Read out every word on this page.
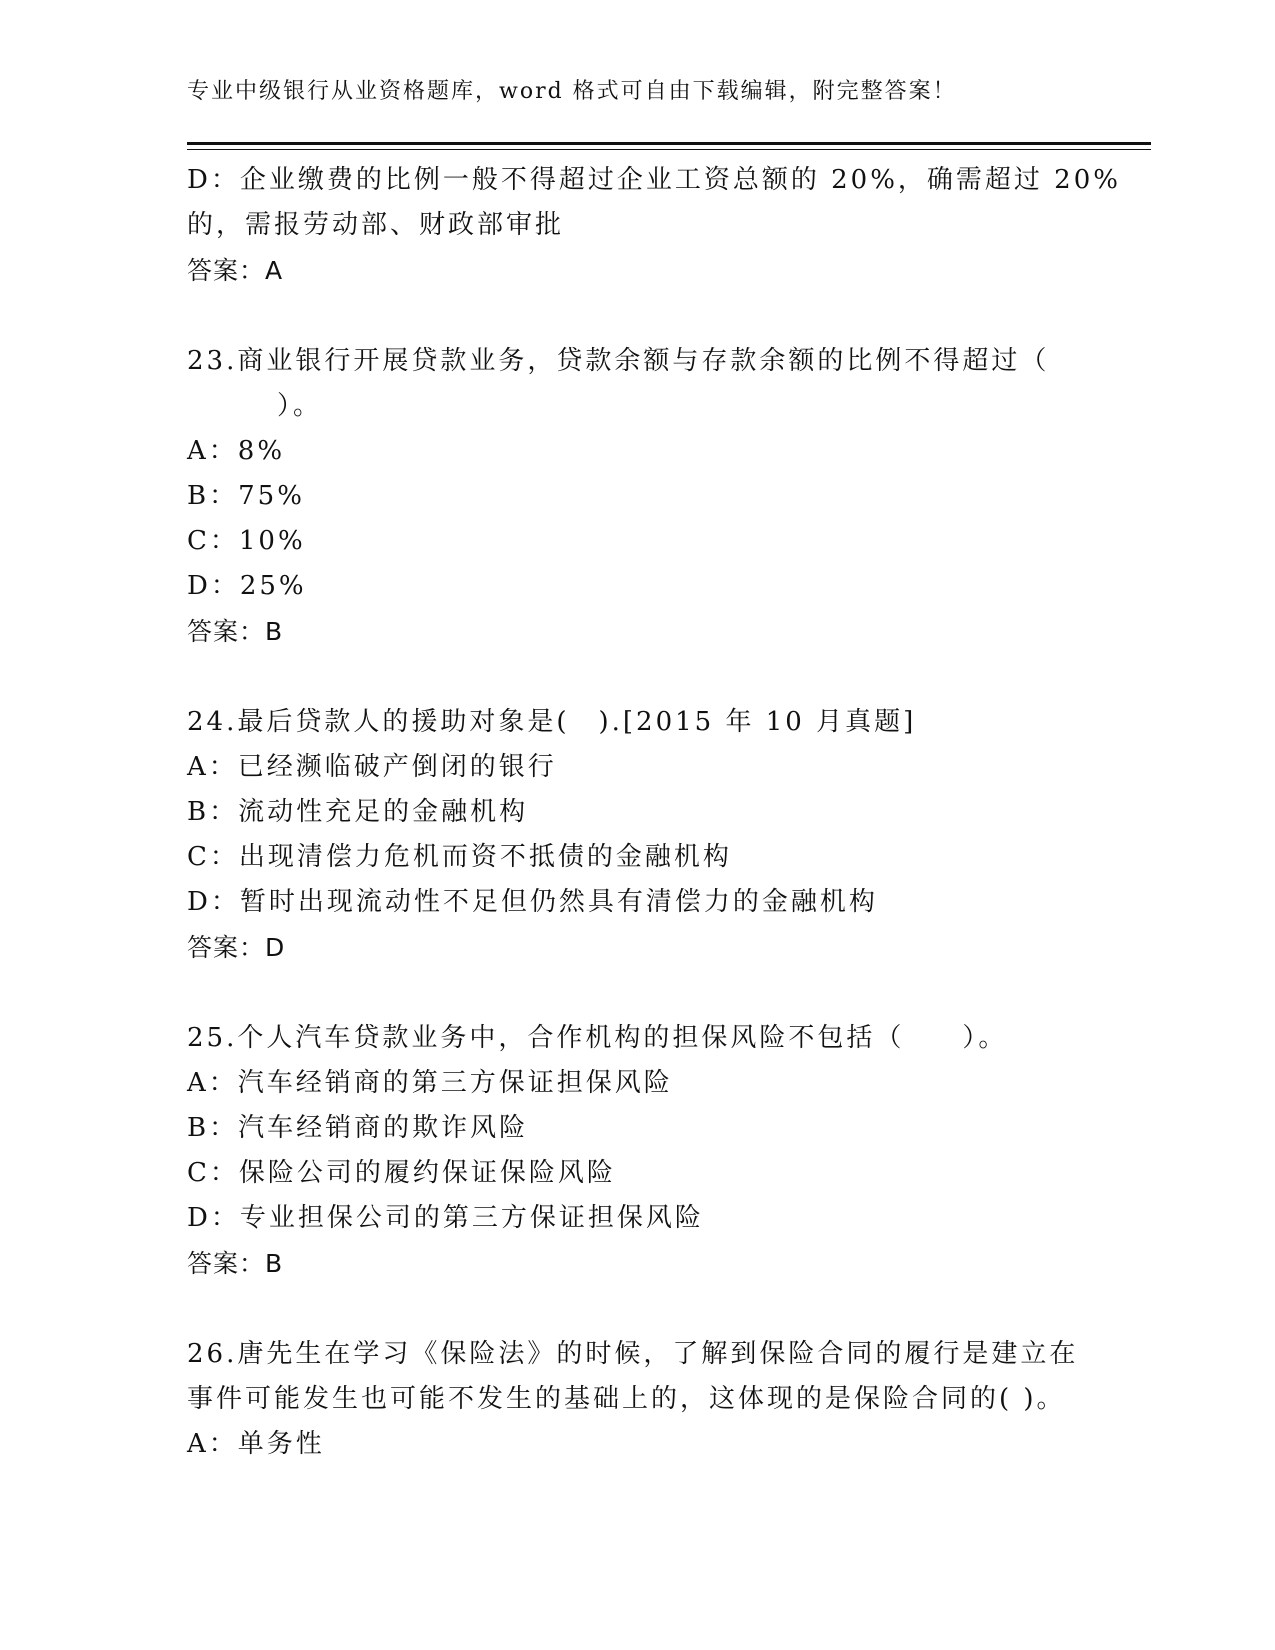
专业中级银行从业资格题库，word 格式可自由下载编辑，附完整答案！
D：企业缴费的比例一般不得超过企业工资总额的 20%，确需超过 20%
的，需报劳动部、财政部审批
答案：A
23.商业银行开展贷款业务，贷款余额与存款余额的比例不得超过（
）。
A：8%
B：75%
C：10%
D：25%
答案：B
24.最后贷款人的援助对象是(　).[2015 年 10 月真题]
A：已经濒临破产倒闭的银行
B：流动性充足的金融机构
C：出现清偿力危机而资不抵债的金融机构
D：暂时出现流动性不足但仍然具有清偿力的金融机构
答案：D
25.个人汽车贷款业务中，合作机构的担保风险不包括（　　）。
A：汽车经销商的第三方保证担保风险
B：汽车经销商的欺诈风险
C：保险公司的履约保证保险风险
D：专业担保公司的第三方保证担保风险
答案：B
26.唐先生在学习《保险法》的时候，了解到保险合同的履行是建立在
事件可能发生也可能不发生的基础上的，这体现的是保险合同的( )。
A：单务性
